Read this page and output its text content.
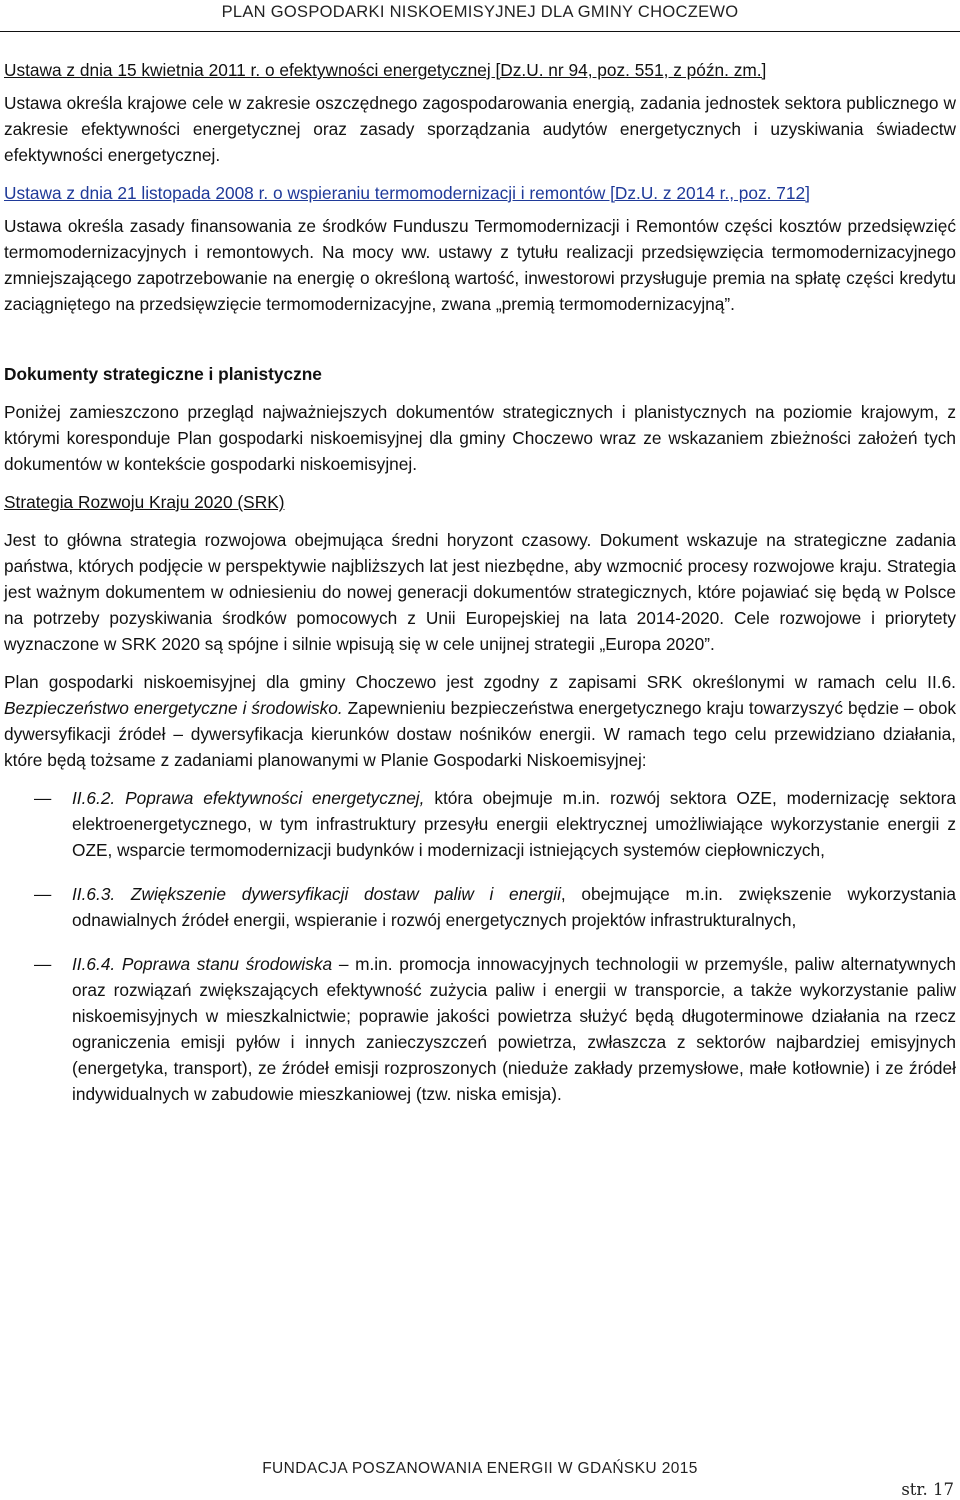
PLAN GOSPODARKI NISKOEMISYJNEJ DLA GMINY CHOCZEWO

Ustawa z dnia 15 kwietnia 2011 r. o efektywności energetycznej [Dz.U. nr 94, poz. 551, z późn. zm.]

Ustawa określa krajowe cele w zakresie oszczędnego zagospodarowania energią, zadania jednostek sektora publicznego w zakresie efektywności energetycznej oraz zasady sporządzania audytów energetycznych i uzyskiwania świadectw efektywności energetycznej.

Ustawa z dnia 21 listopada 2008 r. o wspieraniu termomodernizacji i remontów [Dz.U. z 2014 r., poz. 712]

Ustawa określa zasady finansowania ze środków Funduszu Termomodernizacji i Remontów części kosztów przedsięwzięć termomodernizacyjnych i remontowych. Na mocy ww. ustawy z tytułu realizacji przedsięwzięcia termomodernizacyjnego zmniejszającego zapotrzebowanie na energię o określoną wartość, inwestorowi przysługuje premia na spłatę części kredytu zaciągniętego na przedsięwzięcie termomodernizacyjne, zwana „premią termomodernizacyjną”.

Dokumenty strategiczne i planistyczne

Poniżej zamieszczono przegląd najważniejszych dokumentów strategicznych i planistycznych na poziomie krajowym, z którymi koresponduje Plan gospodarki niskoemisyjnej dla gminy Choczewo wraz ze wskazaniem zbieżności założeń tych dokumentów w kontekście gospodarki niskoemisyjnej.

Strategia Rozwoju Kraju 2020 (SRK)

Jest to główna strategia rozwojowa obejmująca średni horyzont czasowy. Dokument wskazuje na strategiczne zadania państwa, których podjęcie w perspektywie najbliższych lat jest niezbędne, aby wzmocnić procesy rozwojowe kraju. Strategia jest ważnym dokumentem w odniesieniu do nowej generacji dokumentów strategicznych, które pojawiać się będą w Polsce na potrzeby pozyskiwania środków pomocowych z Unii Europejskiej na lata 2014-2020. Cele rozwojowe i priorytety wyznaczone w SRK 2020 są spójne i silnie wpisują się w cele unijnej strategii „Europa 2020”.

Plan gospodarki niskoemisyjnej dla gminy Choczewo jest zgodny z zapisami SRK określonymi w ramach celu II.6. Bezpieczeństwo energetyczne i środowisko. Zapewnieniu bezpieczeństwa energetycznego kraju towarzyszyć będzie – obok dywersyfikacji źródeł – dywersyfikacja kierunków dostaw nośników energii. W ramach tego celu przewidziano działania, które będą tożsame z zadaniami planowanymi w Planie Gospodarki Niskoemisyjnej:

— II.6.2. Poprawa efektywności energetycznej, która obejmuje m.in. rozwój sektora OZE, modernizację sektora elektroenergetycznego, w tym infrastruktury przesyłu energii elektrycznej umożliwiające wykorzystanie energii z OZE, wsparcie termomodernizacji budynków i modernizacji istniejących systemów ciepłowniczych,
— II.6.3. Zwiększenie dywersyfikacji dostaw paliw i energii, obejmujące m.in. zwiększenie wykorzystania odnawialnych źródeł energii, wspieranie i rozwój energetycznych projektów infrastrukturalnych,
— II.6.4. Poprawa stanu środowiska – m.in. promocja innowacyjnych technologii w przemyśle, paliw alternatywnych oraz rozwiązań zwiększających efektywność zużycia paliw i energii w transporcie, a także wykorzystanie paliw niskoemisyjnych w mieszkalnictwie; poprawie jakości powietrza służyć będą długoterminowe działania na rzecz ograniczenia emisji pyłów i innych zanieczyszczeń powietrza, zwłaszcza z sektorów najbardziej emisyjnych (energetyka, transport), ze źródeł emisji rozproszonych (niedużе zakłady przemysłowe, małe kotłownie) i ze źródeł indywidualnych w zabudowie mieszkaniowej (tzw. niska emisja).
FUNDACJA POSZANOWANIA ENERGII W GDAŃSKU 2015
str. 17
